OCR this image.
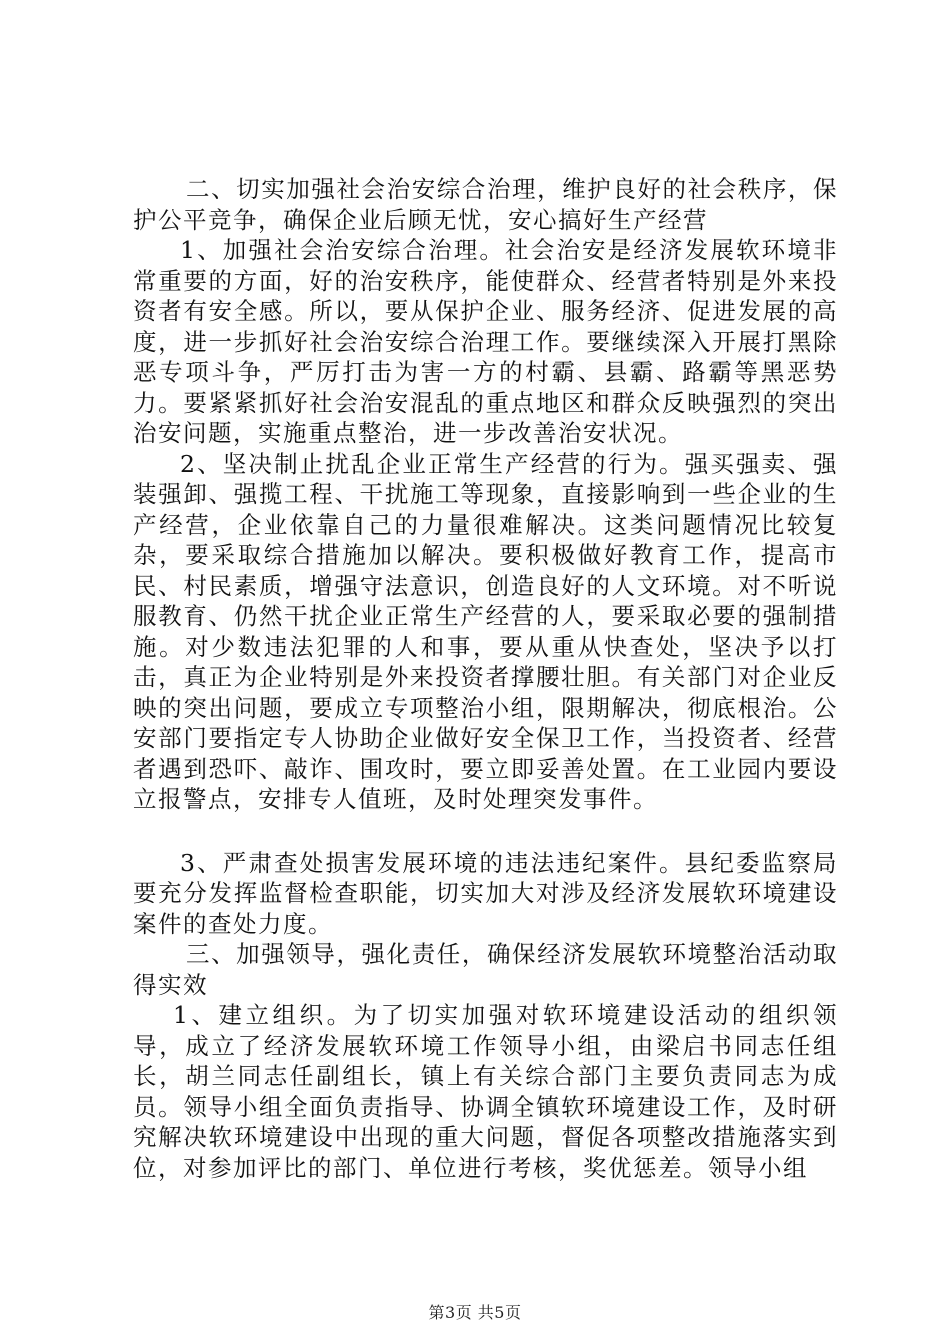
二、切实加强社会治安综合治理，维护良好的社会秩序，保护公平竞争，确保企业后顾无忧，安心搞好生产经营

1、加强社会治安综合治理。社会治安是经济发展软环境非常重要的方面，好的治安秩序，能使群众、经营者特别是外来投资者有安全感。所以，要从保护企业、服务经济、促进发展的高度，进一步抓好社会治安综合治理工作。要继续深入开展打黑除恶专项斗争，严厉打击为害一方的村霸、县霸、路霸等黑恶势力。要紧紧抓好社会治安混乱的重点地区和群众反映强烈的突出治安问题，实施重点整治，进一步改善治安状况。

2、坚决制止扰乱企业正常生产经营的行为。强买强卖、强装强卸、强揽工程、干扰施工等现象，直接影响到一些企业的生产经营，企业依靠自己的力量很难解决。这类问题情况比较复杂，要采取综合措施加以解决。要积极做好教育工作，提高市民、村民素质，增强守法意识，创造良好的人文环境。对不听说服教育、仍然干扰企业正常生产经营的人，要采取必要的强制措施。对少数违法犯罪的人和事，要从重从快查处，坚决予以打击，真正为企业特别是外来投资者撑腰壮胆。有关部门对企业反映的突出问题，要成立专项整治小组，限期解决，彻底根治。公安部门要指定专人协助企业做好安全保卫工作，当投资者、经营者遇到恐吓、敲诈、围攻时，要立即妥善处置。在工业园内要设立报警点，安排专人值班，及时处理突发事件。

3、严肃查处损害发展环境的违法违纪案件。县纪委监察局要充分发挥监督检查职能，切实加大对涉及经济发展软环境建设案件的查处力度。

三、加强领导，强化责任，确保经济发展软环境整治活动取得实效

1、建立组织。为了切实加强对软环境建设活动的组织领导，成立了经济发展软环境工作领导小组，由梁启书同志任组长，胡兰同志任副组长，镇上有关综合部门主要负责同志为成员。领导小组全面负责指导、协调全镇软环境建设工作，及时研究解决软环境建设中出现的重大问题，督促各项整改措施落实到位，对参加评比的部门、单位进行考核，奖优惩差。领导小组

第3页 共5页
